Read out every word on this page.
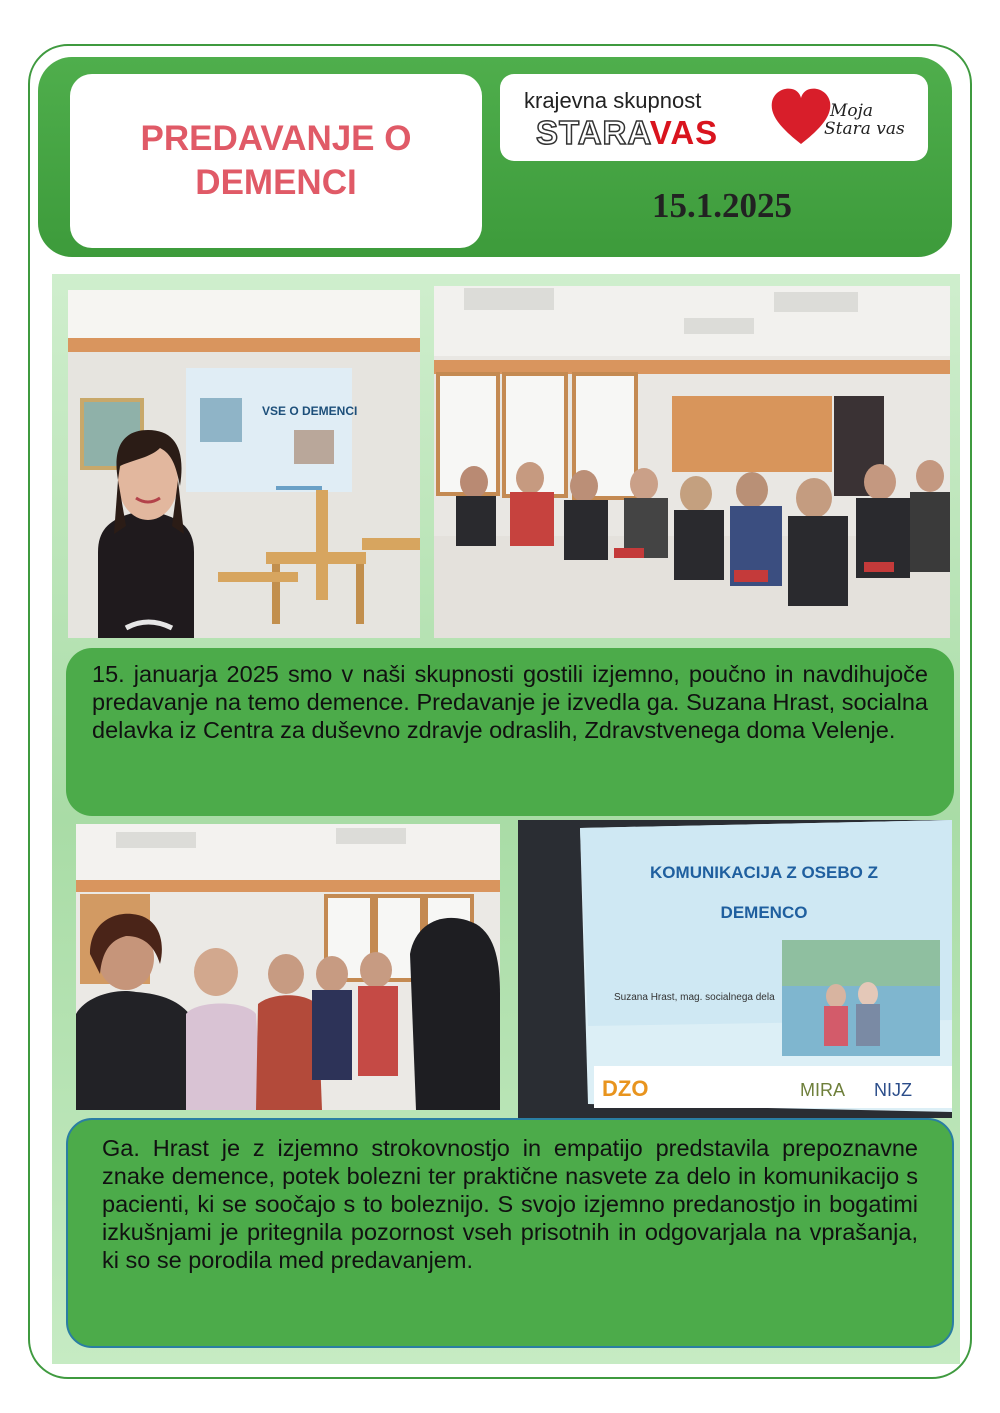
PREDAVANJE O DEMENCI
krajevna skupnost
STARAVAS
Moja
Stara vas
15.1.2025
VSE O DEMENCI
KOMUNIKACIJA Z OSEBO Z
DEMENCO
Suzana Hrast, mag. socialnega dela
DZO	MIRA NIJZ

15. januarja 2025 smo v naši skupnosti gostili izjemno, poučno in navdihujoče predavanje na temo demence. Predavanje je izvedla ga. Suzana Hrast, socialna delavka iz Centra za duševno zdravje odraslih, Zdravstvenega doma Velenje.

Ga. Hrast je z izjemno strokovnostjo in empatijo predstavila prepoznavne znake demence, potek bolezni ter praktične nasvete za delo in komunikacijo s pacienti, ki se soočajo s to boleznijo. S svojo izjemno predanostjo in bogatimi izkušnjami je pritegnila pozornost vseh prisotnih in odgovarjala na vprašanja, ki so se porodila med predavanjem.
